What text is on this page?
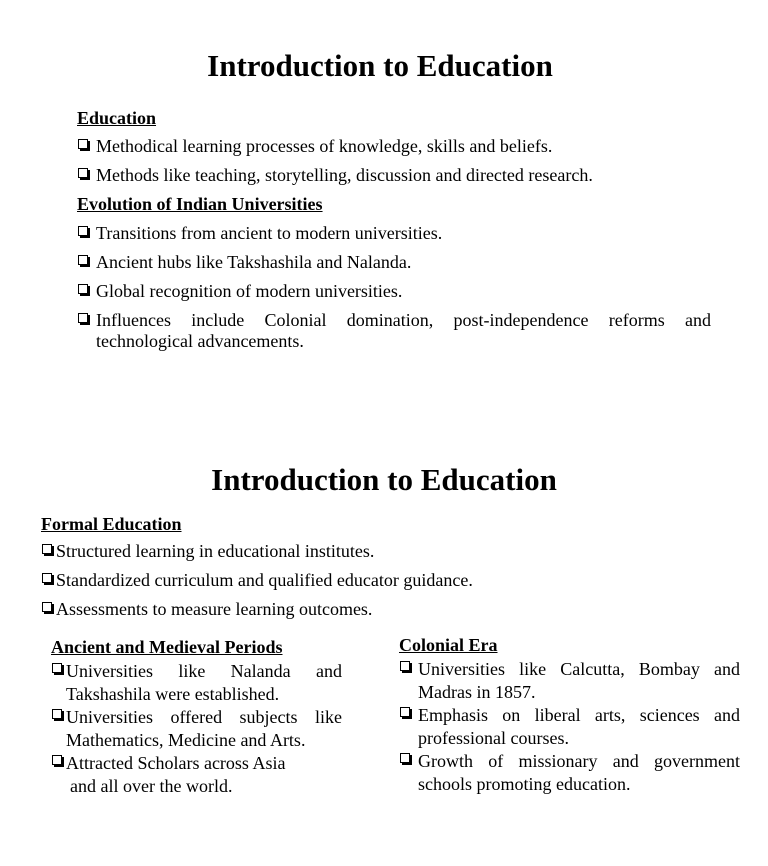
Introduction to Education

Education

Methodical learning processes of knowledge, skills and beliefs.
Methods like teaching, storytelling, discussion and directed research.

Evolution of Indian Universities

Transitions from ancient to modern universities.
Ancient hubs like Takshashila and Nalanda.
Global recognition of modern universities.
Influences include Colonial domination, post-independence reforms and technological advancements.
Introduction to Education

Formal Education

Structured learning in educational institutes.
Standardized curriculum and qualified educator guidance.
Assessments to measure learning outcomes.

Ancient and Medieval Periods

Universities like Nalanda and Takshashila were established.
Universities offered subjects like Mathematics, Medicine and Arts.
Attracted Scholars across Asia
and all over the world.

Colonial Era

Universities like Calcutta, Bombay and Madras in 1857.
Emphasis on liberal arts, sciences and professional courses.
Growth of missionary and government schools promoting education.
